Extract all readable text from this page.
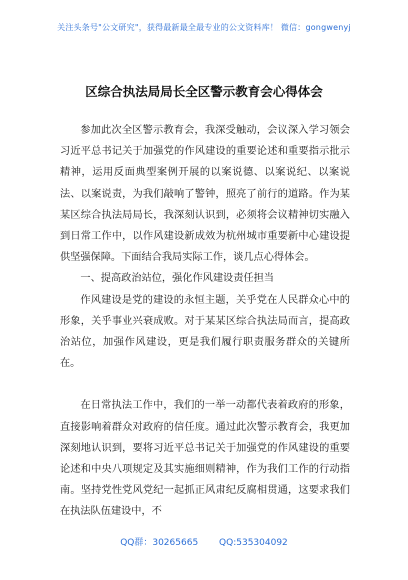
关注头条号"公文研究"，获得最新最全最专业的公文资料库！ 微信：gongwenyj
区综合执法局局长全区警示教育会心得体会

参加此次全区警示教育会，我深受触动，会议深入学习领会习近平总书记关于加强党的作风建设的重要论述和重要指示批示精神，运用反面典型案例开展的以案说德、以案说纪、以案说法、以案说责，为我们敲响了警钟，照亮了前行的道路。作为某某区综合执法局局长，我深刻认识到，必须将会议精神切实融入到日常工作中，以作风建设新成效为杭州城市重要新中心建设提供坚强保障。下面结合我局实际工作，谈几点心得体会。

一、提高政治站位，强化作风建设责任担当

作风建设是党的建设的永恒主题，关乎党在人民群众心中的形象，关乎事业兴衰成败。对于某某区综合执法局而言，提高政治站位，加强作风建设，更是我们履行职责服务群众的关键所在。

在日常执法工作中，我们的一举一动都代表着政府的形象，直接影响着群众对政府的信任度。通过此次警示教育会，我更加深刻地认识到，要将习近平总书记关于加强党的作风建设的重要论述和中央八项规定及其实施细则精神，作为我们工作的行动指南。坚持党性党风党纪一起抓正风肃纪反腐相贯通，这要求我们在执法队伍建设中，不

QQ群：30265665 QQ:535304092
